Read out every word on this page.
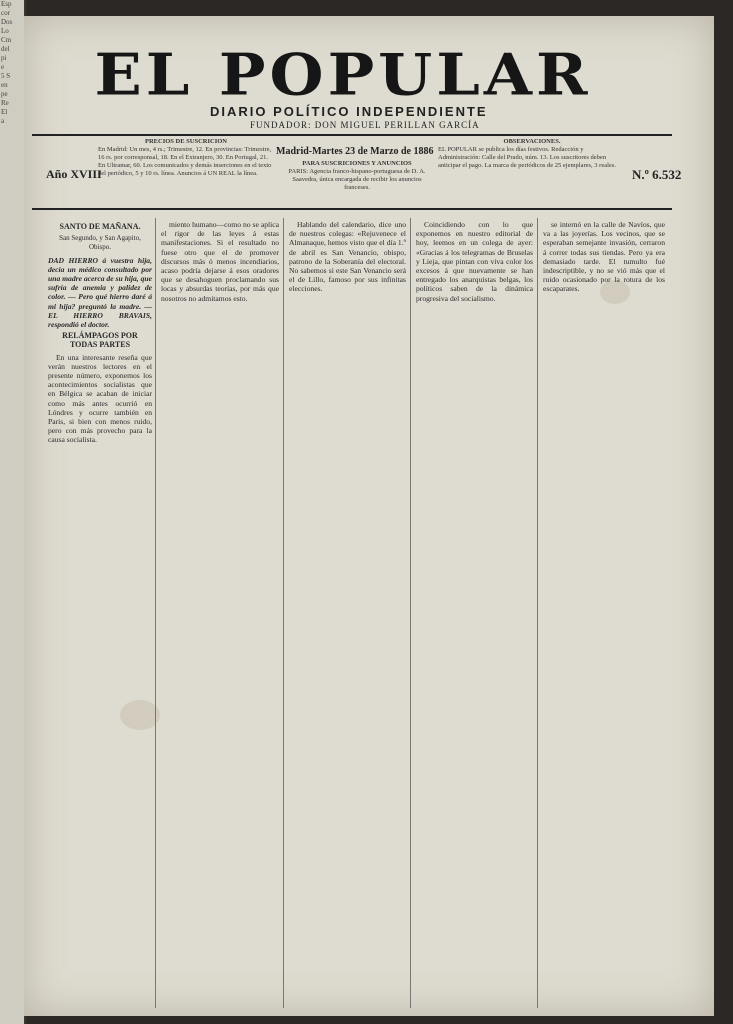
Esp
cor
Dos
Lo
Cm
del
pi
e
5 S
en
pe
Re
El
a
EL POPULAR
DIARIO POLÍTICO INDEPENDIENTE
FUNDADOR: DON MIGUEL PERILLAN GARCÍA
Año XVIII	N.º 6.532
PRECIOS DE SUSCRICION
En Madrid: Un mes, 4 rs.; Trimestre, 12. En provincias: Trimestre, 16 rs. por corresponsal, 18. En el Extranjero, 30. En Portugal, 21. En Ultramar, 60. Los comunicados y demás inserciones en el texto del periódico, 5 y 10 rs. línea. Anuncios á UN REAL la línea.
Madrid-Martes 23 de Marzo de 1886
PARA SUSCRICIONES Y ANUNCIOS
PARIS: Agencia franco-hispano-portuguesa de D. A. Saavedra, única encargada de recibir los anuncios franceses.
OBSERVACIONES.
EL POPULAR se publica los días festivos. Redacción y Administración: Calle del Prado, núm. 13. Los suscritores deben anticipar el pago. La marca de periódicos de 25 ejemplares, 3 reales.

SANTO DE MAÑANA.

San Segundo, y San Agapito, Obispo.

DAD HIERRO á vuestra hija, decía un médico consultado por una madre acerca de su hija, que sufría de anemia y palidez de color. — Pero qué hierro daré á mi hija? preguntó la madre. — EL HIERRO BRAVAIS, respondió el doctor.

RELÁMPAGOS POR TODAS PARTES

En una interesante reseña que verán nuestros lectores en el presente número, exponemos los acontecimientos socialistas que en Bélgica se acaban de iniciar como más antes ocurrió en Lóndres y ocurre también en Paris, si bien con menos ruido, pero con más provecho para la causa socialista.

miento humano—como no se aplica el rigor de las leyes á estas manifestaciones. Si el resultado no fuese otro que el de promover discursos más ó menos incendiarios, acaso podría dejarse á esos oradores que se desahoguen proclamando sus locas y absurdas teorías, por más que nosotros no admitamos esto.

Hablando del calendario, dice uno de nuestros colegas: «Rejuvenece el Almanaque, hemos visto que el día 1.º de abril es San Venancio, obispo, patrono de la Soberanía del electoral. No sabemos si este San Venancio será el de Lillo, famoso por sus infinitas elecciones.

Coincidiendo con lo que exponemos en nuestro editorial de hoy, leemos en un colega de ayer: «Gracias á los telegramas de Bruselas y Lieja, que pintan con viva color los excesos á que nuevamente se han entregado los anarquistas belgas, los políticos saben de la dinámica progresiva del socialismo.

se internó en la calle de Navíos, que va a las joyerías. Los vecinos, que se esperaban semejante invasión, cerraron á correr todas sus tiendas. Pero ya era demasiado tarde. El tumulto fué indescriptible, y no se vió más que el ruido ocasionado por la rotura de los escaparates.
